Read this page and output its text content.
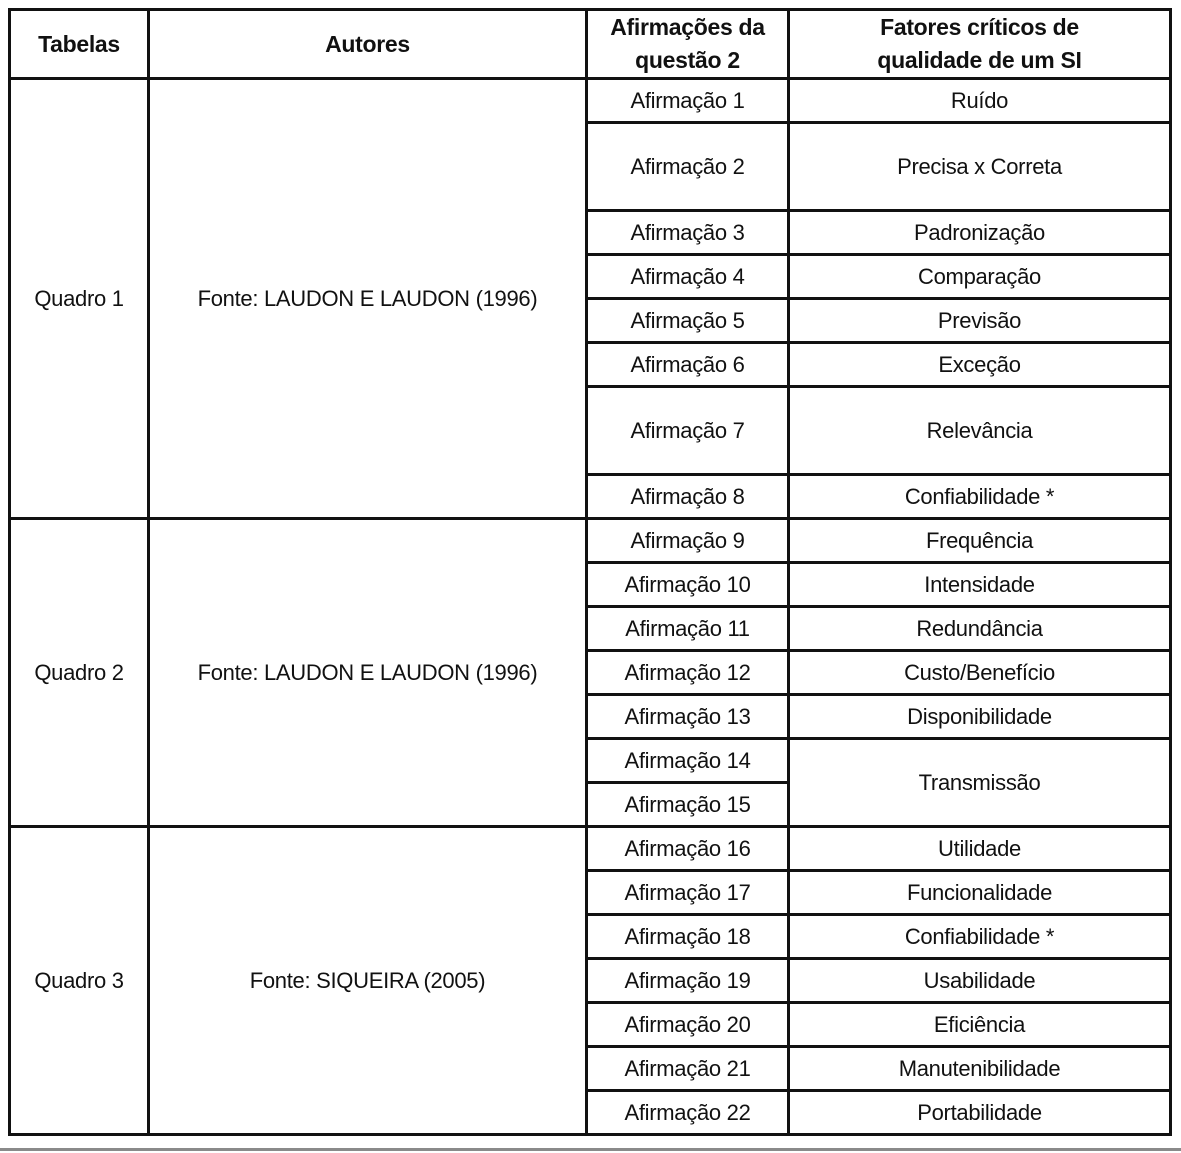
Tabelas	Autores	Afirmações da questão 2	Fatores críticos de qualidade de um SI
Quadro 1	Fonte: LAUDON E LAUDON (1996)	Afirmação 1	Ruído
		Afirmação 2	Precisa x Correta
		Afirmação 3	Padronização
		Afirmação 4	Comparação
		Afirmação 5	Previsão
		Afirmação 6	Exceção
		Afirmação 7	Relevância
		Afirmação 8	Confiabilidade *
Quadro 2	Fonte: LAUDON E LAUDON (1996)	Afirmação 9	Frequência
		Afirmação 10	Intensidade
		Afirmação 11	Redundância
		Afirmação 12	Custo/Benefício
		Afirmação 13	Disponibilidade
		Afirmação 14	Transmissão
		Afirmação 15	
Quadro 3	Fonte: SIQUEIRA (2005)	Afirmação 16	Utilidade
		Afirmação 17	Funcionalidade
		Afirmação 18	Confiabilidade *
		Afirmação 19	Usabilidade
		Afirmação 20	Eficiência
		Afirmação 21	Manutenibilidade
		Afirmação 22	Portabilidade
